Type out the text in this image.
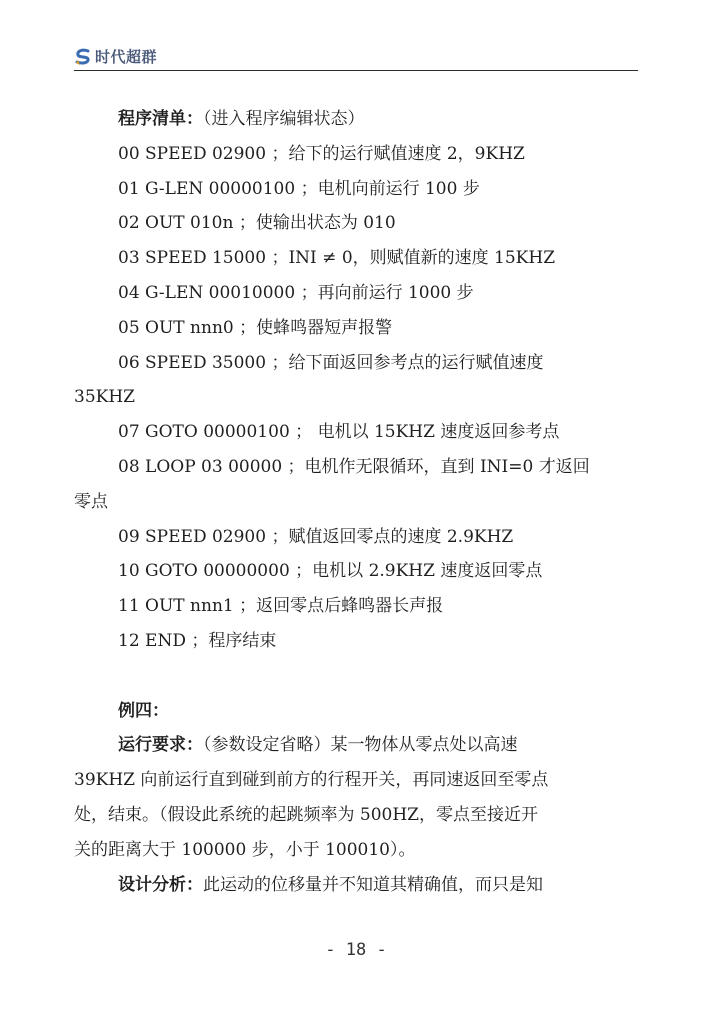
时代超群
程序清单：（进入程序编辑状态）
00 SPEED 02900 ；给下的运行赋值速度 2，9KHZ
01 G-LEN 00000100 ；电机向前运行 100 步
02 OUT 010n ；使输出状态为 010
03 SPEED 15000 ；INI ≠ 0，则赋值新的速度 15KHZ
04 G-LEN 00010000 ；再向前运行 1000 步
05 OUT nnn0 ；使蜂鸣器短声报警
06 SPEED 35000 ；给下面返回参考点的运行赋值速度
35KHZ
07 GOTO 00000100 ； 电机以 15KHZ 速度返回参考点
08 LOOP 03 00000 ；电机作无限循环，直到 INI=0 才返回
零点
09 SPEED 02900 ；赋值返回零点的速度 2.9KHZ
10 GOTO 00000000 ；电机以 2.9KHZ 速度返回零点
11 OUT nnn1 ；返回零点后蜂鸣器长声报
12 END ；程序结束
例四：
运行要求：（参数设定省略）某一物体从零点处以高速
39KHZ 向前运行直到碰到前方的行程开关，再同速返回至零点
处，结束。（假设此系统的起跳频率为 500HZ，零点至接近开
关的距离大于 100000 步，小于 100010）。
设计分析：此运动的位移量并不知道其精确值，而只是知
- 18 -
